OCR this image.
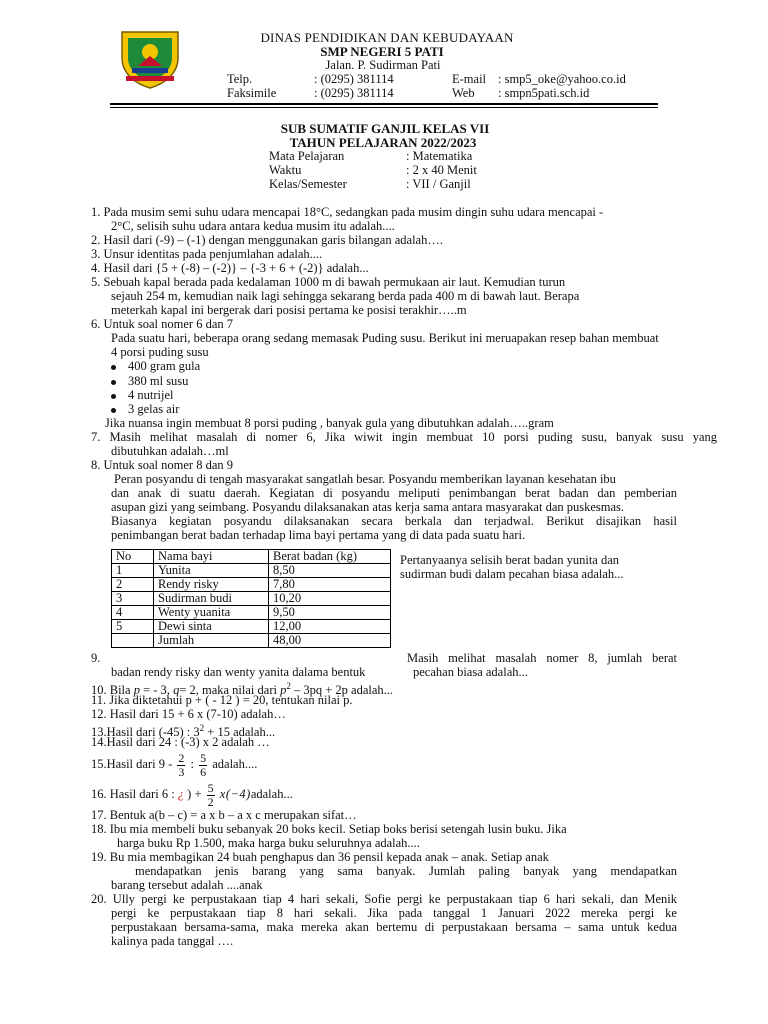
DINAS PENDIDIKAN DAN KEBUDAYAAN
SMP NEGERI 5 PATI
Jalan. P. Sudirman Pati
Telp.	: (0295) 381114	E-mail : smp5_oke@yahoo.co.id
Faksimile	: (0295) 381114	Web : smpn5pati.sch.id
SUB SUMATIF GANJIL KELAS VII
TAHUN PELAJARAN 2022/2023
Mata Pelajaran	: Matematika
Waktu	: 2 x 40 Menit
Kelas/Semester	: VII / Ganjil
1. Pada musim semi suhu udara mencapai 18°C, sedangkan pada musim dingin suhu udara mencapai -
2°C, selisih suhu udara antara kedua musim itu adalah....
2. Hasil dari (-9) – (-1) dengan menggunakan garis bilangan adalah….
3. Unsur identitas pada penjumlahan adalah....
4. Hasil dari {5 + (-8) – (-2)} – {-3 + 6 + (-2)} adalah...
5. Sebuah kapal berada pada kedalaman 1000 m di bawah permukaan air laut. Kemudian turun
sejauh 254 m, kemudian naik lagi sehingga sekarang berda pada 400 m di bawah laut. Berapa
meterkah kapal ini bergerak dari posisi pertama ke posisi terakhir…..m
6. Untuk soal nomer 6 dan 7
Pada suatu hari, beberapa orang sedang memasak Puding susu. Berikut ini meruapakan resep bahan membuat
4 porsi puding susu
400 gram gula
380 ml susu
4 nutrijel
3 gelas air
Jika nuansa ingin membuat 8 porsi puding , banyak gula yang dibutuhkan adalah…..gram
7. Masih melihat masalah di nomer 6, Jika wiwit ingin membuat 10 porsi puding susu, banyak susu yang
dibutuhkan adalah…ml
8. Untuk soal nomer 8 dan 9
Peran posyandu di tengah masyarakat sangatlah besar. Posyandu memberikan layanan kesehatan ibu
dan anak di suatu daerah. Kegiatan di posyandu meliputi penimbangan berat badan dan pemberian
asupan gizi yang seimbang. Posyandu dilaksanakan atas kerja sama antara masyarakat dan puskesmas.
Biasanya kegiatan posyandu dilaksanakan secara berkala dan terjadwal. Berikut disajikan hasil
penimbangan berat badan terhadap lima bayi pertama yang di data pada suatu hari.
No	Nama bayi	Berat badan (kg)
1	Yunita	8,50
2	Rendy risky	7,80
3	Sudirman budi	10,20
4	Wenty yuanita	9,50
5	Dewi sinta	12,00
	Jumlah	48,00
Pertanyaanya selisih berat badan yunita dan
sudirman budi dalam pecahan biasa adalah...
9.	Masih melihat masalah nomer 8, jumlah berat
badan rendy risky dan wenty yanita dalama bentuk	pecahan biasa adalah...
10. Bila p = - 3, q= 2, maka nilai dari $p^2 - 3pq + 2p$ adalah...
11. Jika diktetahui p + ( - 12 ) = 20, tentukan nilai p.
12. Hasil dari 15 + 6 x (7-10) adalah…
13.Hasil dari (-45) : $3^2 + 15$ adalah...
14.Hasil dari 24 : (-3) x 2 adalah …
15.Hasil dari $9 - \frac{2}{3}$ : $\frac{5}{6}$ adalah....
16. Hasil dari 6 : ¿ ) + $\frac{5}{2}$ x(−4)adalah...
17. Bentuk a(b – c) = a x b – a x c merupakan sifat…
18. Ibu mia membeli buku sebanyak 20 boks kecil. Setiap boks berisi setengah lusin buku. Jika
harga buku Rp 1.500, maka harga buku seluruhnya adalah....
19. Bu mia membagikan 24 buah penghapus dan 36 pensil kepada anak – anak. Setiap anak
mendapatkan jenis barang yang sama banyak. Jumlah paling banyak yang mendapatkan
barang tersebut adalah ....anak
20. Ully pergi ke perpustakaan tiap 4 hari sekali, Sofie pergi ke perpustakaan tiap 6 hari sekali, dan Menik
pergi ke perpustakaan tiap 8 hari sekali. Jika pada tanggal 1 Januari 2022 mereka pergi ke
perpustakaan bersama-sama, maka mereka akan bertemu di perpustakaan bersama – sama untuk kedua
kalinya pada tanggal ….
